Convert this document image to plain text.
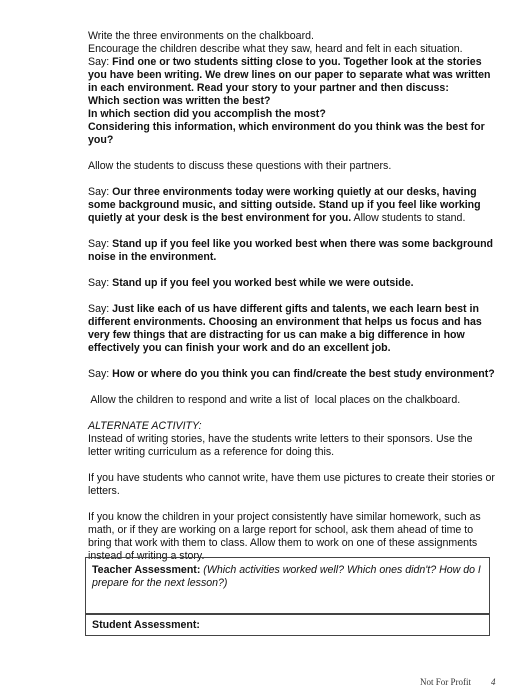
Write the three environments on the chalkboard.

Encourage the children describe what they saw, heard and felt in each situation.

Say: Find one or two students sitting close to you. Together look at the stories you have been writing. We drew lines on our paper to separate what was written in each environment. Read your story to your partner and then discuss:

Which section was written the best?

In which section did you accomplish the most?

Considering this information, which environment do you think was the best for you?

Allow the students to discuss these questions with their partners.

Say: Our three environments today were working quietly at our desks, having some background music, and sitting outside. Stand up if you feel like working quietly at your desk is the best environment for you. Allow students to stand.

Say: Stand up if you feel like you worked best when there was some background noise in the environment.

Say: Stand up if you feel you worked best while we were outside.

Say: Just like each of us have different gifts and talents, we each learn best in different environments. Choosing an environment that helps us focus and has very few things that are distracting for us can make a big difference in how effectively you can finish your work and do an excellent job.

Say: How or where do you think you can find/create the best study environment?

Allow the children to respond and write a list of  local places on the chalkboard.

ALTERNATE ACTIVITY:

Instead of writing stories, have the students write letters to their sponsors. Use the letter writing curriculum as a reference for doing this.

If you have students who cannot write, have them use pictures to create their stories or letters.

If you know the children in your project consistently have similar homework, such as math, or if they are working on a large report for school, ask them ahead of time to bring that work with them to class. Allow them to work on one of these assignments instead of writing a story.

Teacher Assessment: (Which activities worked well? Which ones didn't? How do I prepare for the next lesson?)
Student Assessment:
Not For Profit 4
